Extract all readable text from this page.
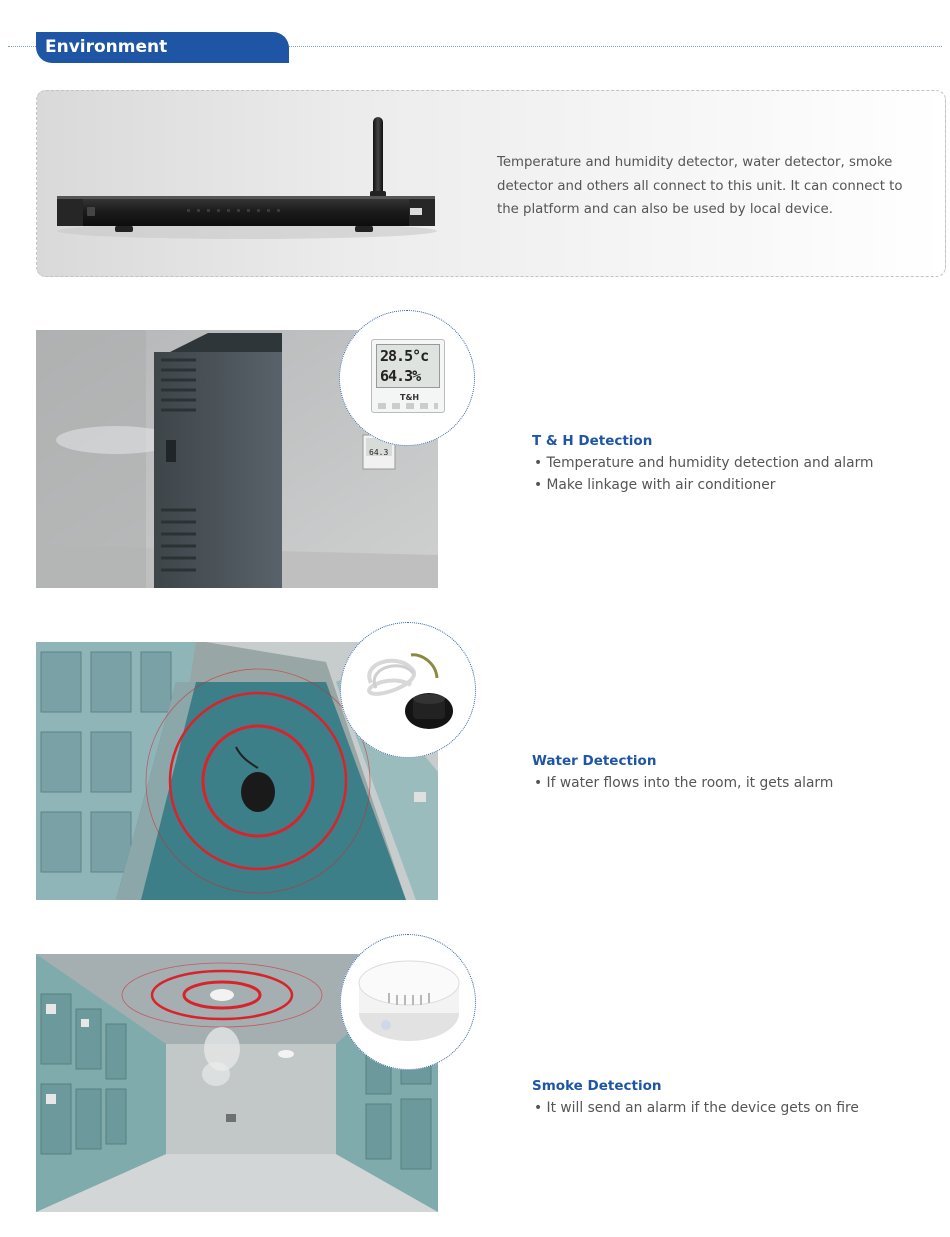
Environment Surveillance

Temperature and humidity detector, water detector, smoke detector and others all connect to this unit. It can connect to the platform and can also be used by local device.

64.3
28.5°c
64.3%
T&H
T & H Detection
• Temperature and humidity detection and alarm
• Make linkage with air conditioner
Water Detection
• If water flows into the room, it gets alarm
Smoke Detection
• It will send an alarm if the device gets on fire
